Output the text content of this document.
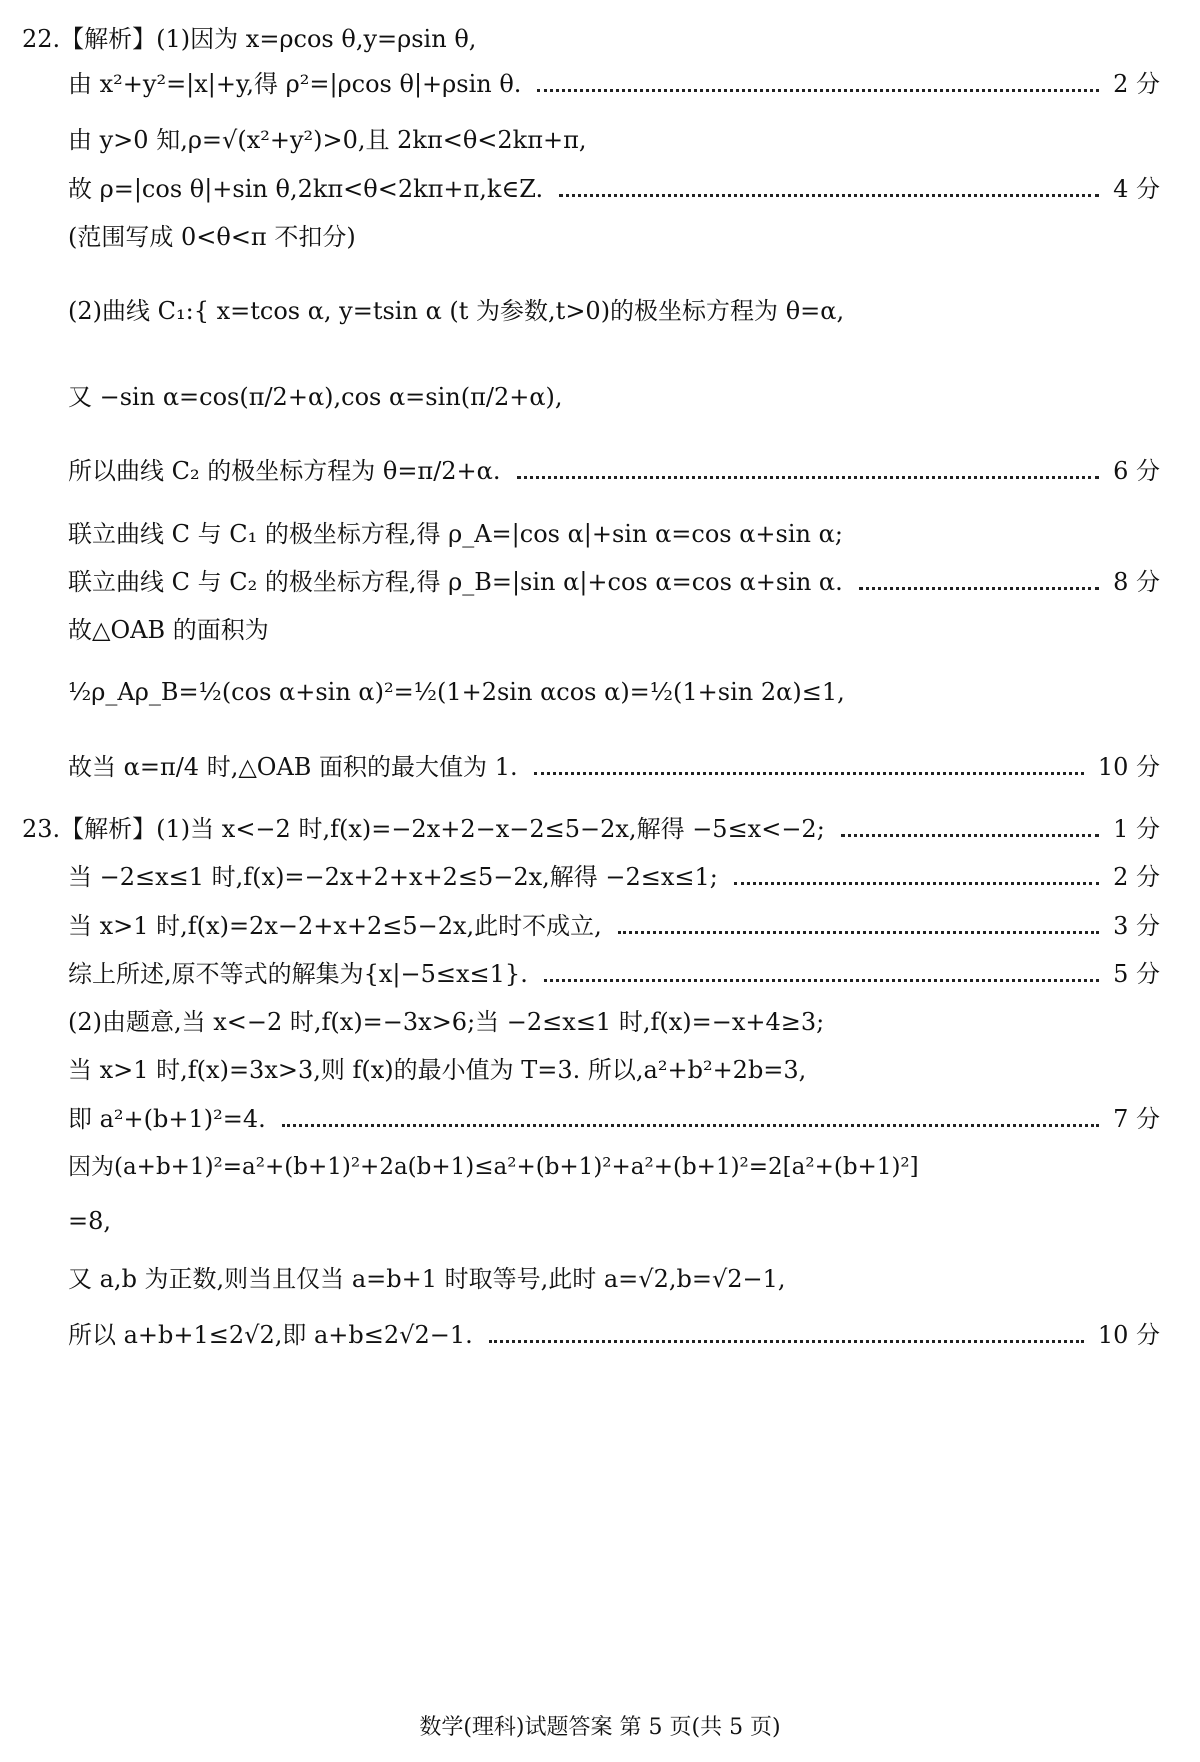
22.【解析】(1)因为 x=ρcos θ,y=ρsin θ,
由 x²+y²=|x|+y,得 ρ²=|ρcos θ|+ρsin θ.	2 分
由 y>0 知,ρ=√(x²+y²)>0,且 2kπ<θ<2kπ+π,
故 ρ=|cos θ|+sin θ,2kπ<θ<2kπ+π,k∈Z.	4 分
(范围写成 0<θ<π 不扣分)
(2)曲线 C₁:{ x=tcos α, y=tsin α (t 为参数,t>0)的极坐标方程为 θ=α,
又 −sin α=cos(π/2+α),cos α=sin(π/2+α),
所以曲线 C₂ 的极坐标方程为 θ=π/2+α.	6 分
联立曲线 C 与 C₁ 的极坐标方程,得 ρ_A=|cos α|+sin α=cos α+sin α;
联立曲线 C 与 C₂ 的极坐标方程,得 ρ_B=|sin α|+cos α=cos α+sin α.	8 分
故△OAB 的面积为
½ρ_Aρ_B=½(cos α+sin α)²=½(1+2sin αcos α)=½(1+sin 2α)≤1,
故当 α=π/4 时,△OAB 面积的最大值为 1.	10 分
23.【解析】(1)当 x<−2 时,f(x)=−2x+2−x−2≤5−2x,解得 −5≤x<−2;	1 分
当 −2≤x≤1 时,f(x)=−2x+2+x+2≤5−2x,解得 −2≤x≤1;	2 分
当 x>1 时,f(x)=2x−2+x+2≤5−2x,此时不成立,	3 分
综上所述,原不等式的解集为{x|−5≤x≤1}.	5 分
(2)由题意,当 x<−2 时,f(x)=−3x>6;当 −2≤x≤1 时,f(x)=−x+4≥3;
当 x>1 时,f(x)=3x>3,则 f(x)的最小值为 T=3. 所以,a²+b²+2b=3,
即 a²+(b+1)²=4.	7 分
因为(a+b+1)²=a²+(b+1)²+2a(b+1)≤a²+(b+1)²+a²+(b+1)²=2[a²+(b+1)²]
=8,
又 a,b 为正数,则当且仅当 a=b+1 时取等号,此时 a=√2,b=√2−1,
所以 a+b+1≤2√2,即 a+b≤2√2−1.	10 分
数学(理科)试题答案 第 5 页(共 5 页)
